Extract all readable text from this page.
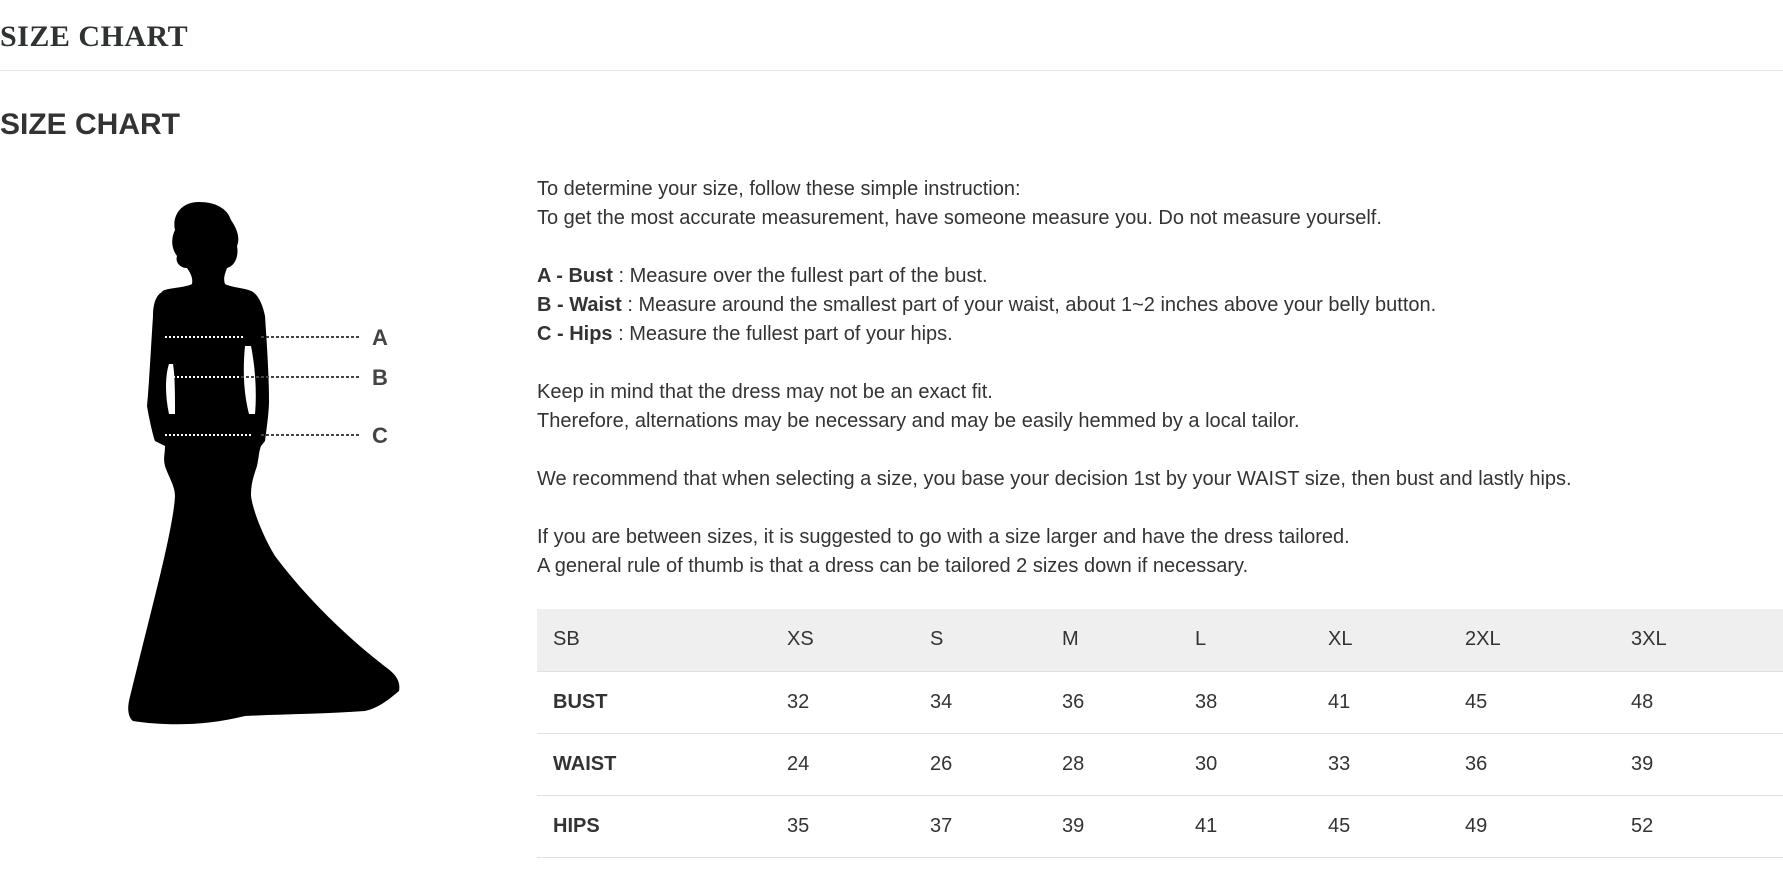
SIZE CHART
SIZE CHART
A
B
C

To determine your size, follow these simple instruction:

To get the most accurate measurement, have someone measure you. Do not measure yourself.

A - Bust : Measure over the fullest part of the bust.

B - Waist : Measure around the smallest part of your waist, about 1~2 inches above your belly button.

C - Hips : Measure the fullest part of your hips.

Keep in mind that the dress may not be an exact fit.

Therefore, alternations may be necessary and may be easily hemmed by a local tailor.

We recommend that when selecting a size, you base your decision 1st by your WAIST size, then bust and lastly hips.

If you are between sizes, it is suggested to go with a size larger and have the dress tailored.

A general rule of thumb is that a dress can be tailored 2 sizes down if necessary.

SB	XS	S	M	L	XL	2XL	3XL
BUST	32	34	36	38	41	45	48
WAIST	24	26	28	30	33	36	39
HIPS	35	37	39	41	45	49	52
